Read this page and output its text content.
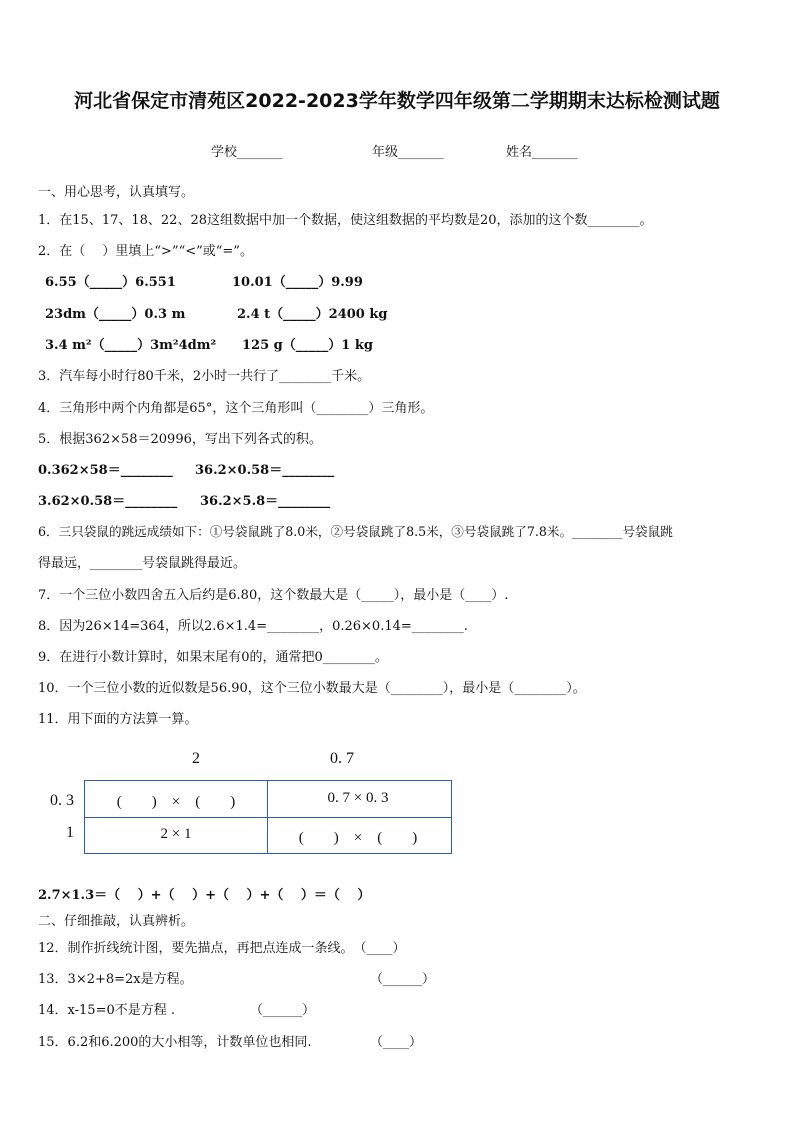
河北省保定市清苑区2022-2023学年数学四年级第二学期期末达标检测试题
学校_______	年级_______	姓名_______
一、用心思考，认真填写。
1．在15、17、18、22、28这组数据中加一个数据，使这组数据的平均数是20，添加的这个数________。
2．在（　 ）里填上“>”“<”或“=”。
6.55（_____）6.551	10.01（_____）9.99
23dm（_____）0.3 m	2.4 t（_____）2400 kg
3.4 m²（_____）3m²4dm² 125 g（_____）1 kg
3．汽车每小时行80千米，2小时一共行了________千米。
4．三角形中两个内角都是65°，这个三角形叫（________）三角形。
5．根据362×58＝20996，写出下列各式的积。
0.362×58＝________ 36.2×0.58＝________
3.62×0.58＝________ 36.2×5.8＝________
6．三只袋鼠的跳远成绩如下：①号袋鼠跳了8.0米，②号袋鼠跳了8.5米，③号袋鼠跳了7.8米。________号袋鼠跳
得最远，________号袋鼠跳得最近。
7．一个三位小数四舍五入后约是6.80，这个数最大是（_____），最小是（____）.
8．因为26×14=364，所以2.6×1.4=________，0.26×0.14=________.
9．在进行小数计算时，如果末尾有0的，通常把0________。
10．一个三位小数的近似数是56.90，这个三位小数最大是（________），最小是（________）。
11．用下面的方法算一算。
2	0. 7
0. 3
1
(　　)　×　(　　)	0. 7 × 0. 3
2 × 1	(　　)　×　(　　)
2.7×1.3＝（　 ）+（　 ）+（　 ）+（　 ）＝（　 ）
二、仔细推敲，认真辨析。
12．制作折线统计图，要先描点，再把点连成一条线。　（____）
13．3×2+8=2x是方程。	（______）
14．x-15=0不是方程 .	（______）
15．6.2和6.200的大小相等，计数单位也相同.	（____）
